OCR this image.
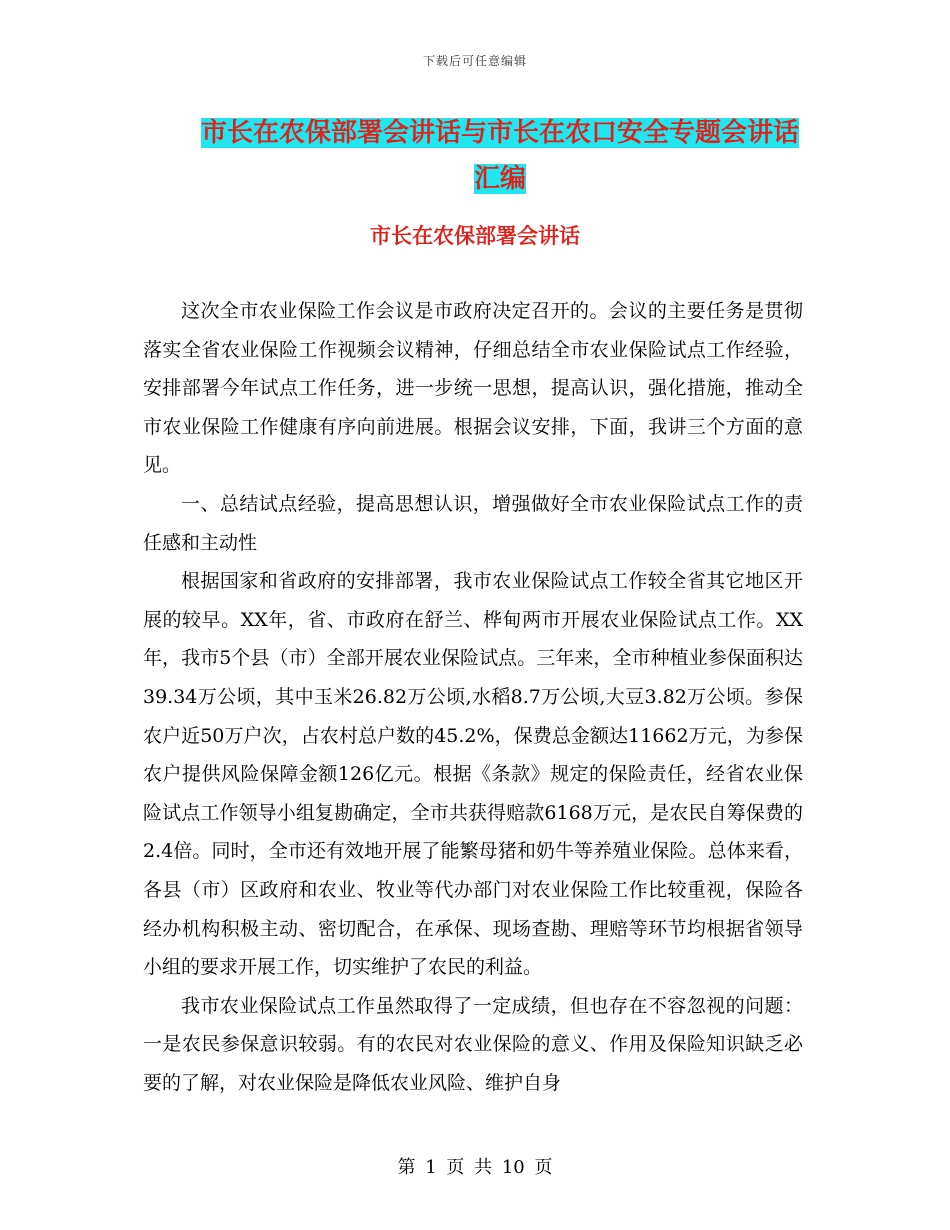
下载后可任意编辑
市长在农保部署会讲话与市长在农口安全专题会讲话
汇编
市长在农保部署会讲话

这次全市农业保险工作会议是市政府决定召开的。会议的主要任务是贯彻落实全省农业保险工作视频会议精神，仔细总结全市农业保险试点工作经验，安排部署今年试点工作任务，进一步统一思想，提高认识，强化措施，推动全市农业保险工作健康有序向前进展。根据会议安排，下面，我讲三个方面的意见。

一、总结试点经验，提高思想认识，增强做好全市农业保险试点工作的责任感和主动性

根据国家和省政府的安排部署，我市农业保险试点工作较全省其它地区开展的较早。XX年，省、市政府在舒兰、桦甸两市开展农业保险试点工作。XX年，我市5个县（市）全部开展农业保险试点。三年来，全市种植业参保面积达39.34万公顷，其中玉米26.82万公顷,水稻8.7万公顷,大豆3.82万公顷。参保农户近50万户次，占农村总户数的45.2%，保费总金额达11662万元，为参保农户提供风险保障金额126亿元。根据《条款》规定的保险责任，经省农业保险试点工作领导小组复勘确定，全市共获得赔款6168万元，是农民自筹保费的2.4倍。同时，全市还有效地开展了能繁母猪和奶牛等养殖业保险。总体来看，各县（市）区政府和农业、牧业等代办部门对农业保险工作比较重视，保险各经办机构积极主动、密切配合，在承保、现场查勘、理赔等环节均根据省领导小组的要求开展工作，切实维护了农民的利益。

我市农业保险试点工作虽然取得了一定成绩，但也存在不容忽视的问题：一是农民参保意识较弱。有的农民对农业保险的意义、作用及保险知识缺乏必要的了解，对农业保险是降低农业风险、维护自身

第 1 页 共 10 页
